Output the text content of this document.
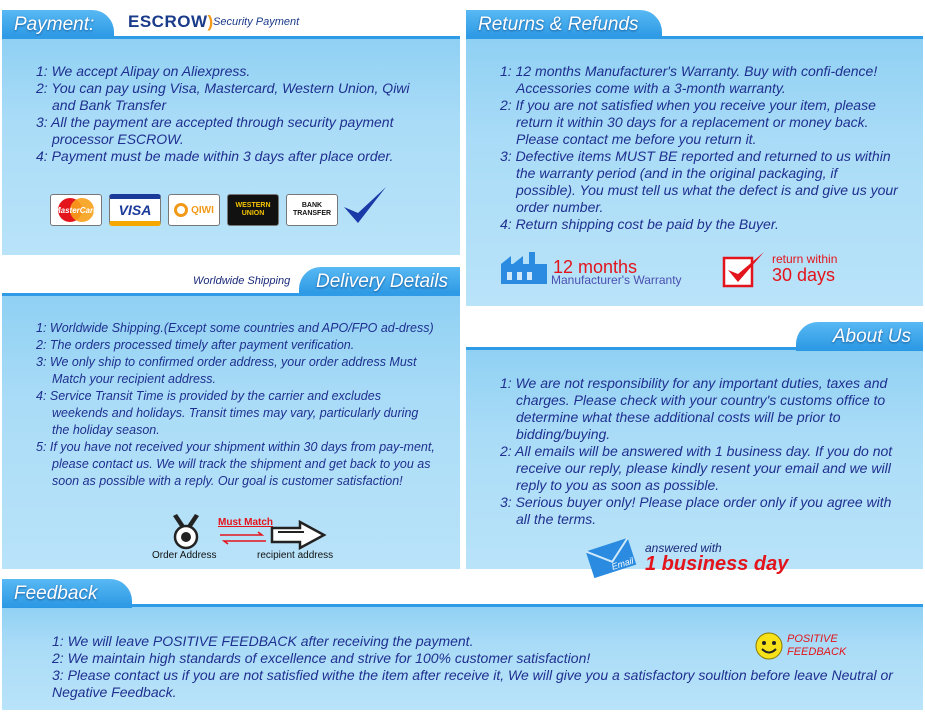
Payment:	ESCROW) Security Payment
1: We accept Alipay on Aliexpress.
2: You can pay using Visa, Mastercard, Western Union, Qiwi and Bank Transfer
3: All the payment are accepted through security payment processor ESCROW.
4: Payment must be made within 3 days after place order.
MasterCard VISA	QIWI	WESTERN UNION
BANK TRANSFER
Returns & Refunds
1: 12 months Manufacturer's Warranty. Buy with confi-dence! Accessories come with a 3-month warranty.
2: If you are not satisfied when you receive your item, please return it within 30 days for a replacement or money back. Please contact me before you return it.
3: Defective items MUST BE reported and returned to us within the warranty period (and in the original packaging, if possible). You must tell us what the defect is and give us your order number.
4: Return shipping cost be paid by the Buyer.
12 months
Manufacturer's Warranty
return within
30 days
Delivery Details
Worldwide Shipping
1: Worldwide Shipping.(Except some countries and APO/FPO ad-dress)
2: The orders processed timely after payment verification.
3: We only ship to confirmed order address, your order address Must Match your recipient address.
4: Service Transit Time is provided by the carrier and excludes weekends and holidays. Transit times may vary, particularly during the holiday season.
5: If you have not received your shipment within 30 days from pay-ment, please contact us. We will track the shipment and get back to you as soon as possible with a reply. Our goal is customer satisfaction!
Must Match
Order Address	recipient address
About Us
1: We are not responsibility for any important duties, taxes and charges. Please check with your country's customs office to determine what these additional costs will be prior to bidding/buying.
2: All emails will be answered with 1 business day. If you do not receive our reply, please kindly resent your email and we will reply to you as soon as possible.
3: Serious buyer only! Please place order only if you agree with all the terms.
Email
answered with
1 business day
Feedback
1: We will leave POSITIVE FEEDBACK after receiving the payment.
2: We maintain high standards of excellence and strive for 100% customer satisfaction!
3: Please contact us if you are not satisfied withe the item after receive it, We will give you a satisfactory soultion before leave Neutral or Negative Feedback.
POSITIVE
FEEDBACK
